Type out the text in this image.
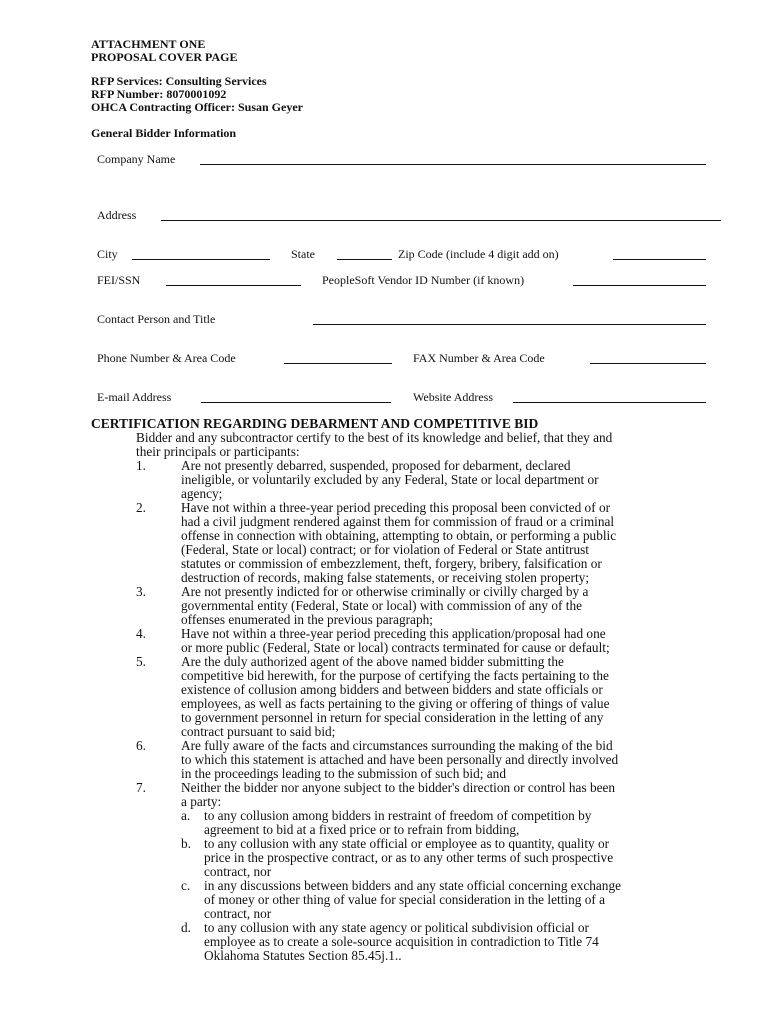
ATTACHMENT ONE
PROPOSAL COVER PAGE
RFP Services: Consulting Services
RFP Number: 8070001092
OHCA Contracting Officer: Susan Geyer
General Bidder Information
Company Name
Address
City	State	Zip Code (include 4 digit add on)
FEI/SSN	PeopleSoft Vendor ID Number (if known)
Contact Person and Title
Phone Number & Area Code	FAX Number & Area Code
E-mail Address	Website Address
CERTIFICATION REGARDING DEBARMENT AND COMPETITIVE BID
Bidder and any subcontractor certify to the best of its knowledge and belief, that they and
their principals or participants:
1.	Are not presently debarred, suspended, proposed for debarment, declared
ineligible, or voluntarily excluded by any Federal, State or local department or
agency;
2.	Have not within a three-year period preceding this proposal been convicted of or
had a civil judgment rendered against them for commission of fraud or a criminal
offense in connection with obtaining, attempting to obtain, or performing a public
(Federal, State or local) contract; or for violation of Federal or State antitrust
statutes or commission of embezzlement, theft, forgery, bribery, falsification or
destruction of records, making false statements, or receiving stolen property;
3.	Are not presently indicted for or otherwise criminally or civilly charged by a
governmental entity (Federal, State or local) with commission of any of the
offenses enumerated in the previous paragraph;
4.	Have not within a three-year period preceding this application/proposal had one
or more public (Federal, State or local) contracts terminated for cause or default;
5.	Are the duly authorized agent of the above named bidder submitting the
competitive bid herewith, for the purpose of certifying the facts pertaining to the
existence of collusion among bidders and between bidders and state officials or
employees, as well as facts pertaining to the giving or offering of things of value
to government personnel in return for special consideration in the letting of any
contract pursuant to said bid;
6.	Are fully aware of the facts and circumstances surrounding the making of the bid
to which this statement is attached and have been personally and directly involved
in the proceedings leading to the submission of such bid; and
7.	Neither the bidder nor anyone subject to the bidder's direction or control has been
a party:
a. to any collusion among bidders in restraint of freedom of competition by
agreement to bid at a fixed price or to refrain from bidding,
b. to any collusion with any state official or employee as to quantity, quality or
price in the prospective contract, or as to any other terms of such prospective
contract, nor
c. in any discussions between bidders and any state official concerning exchange
of money or other thing of value for special consideration in the letting of a
contract, nor
d. to any collusion with any state agency or political subdivision official or
employee as to create a sole-source acquisition in contradiction to Title 74
Oklahoma Statutes Section 85.45j.1..
